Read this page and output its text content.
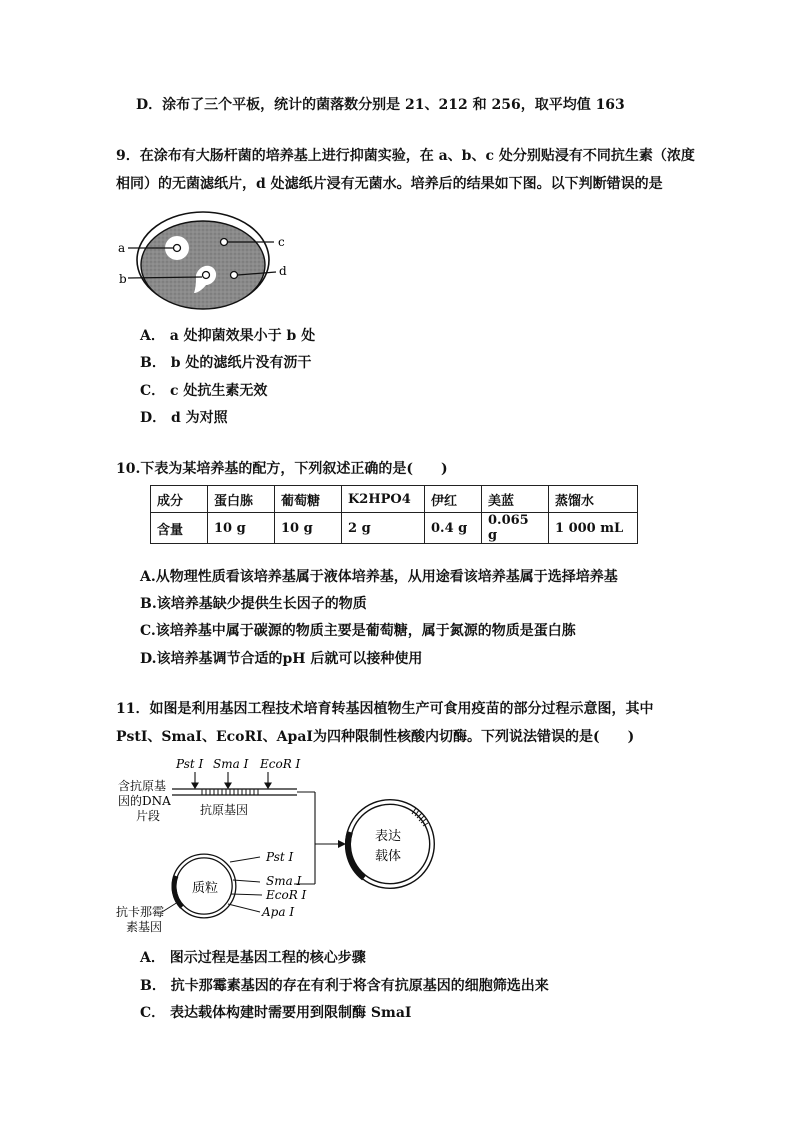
D．涂布了三个平板，统计的菌落数分别是 21、212 和 256，取平均值 163
9．在涂布有大肠杆菌的培养基上进行抑菌实验，在 a、b、c 处分别贴浸有不同抗生素（浓度
相同）的无菌滤纸片，d 处滤纸片浸有无菌水。培养后的结果如下图。以下判断错误的是
a
b
c
d
A． a 处抑菌效果小于 b 处
B． b 处的滤纸片没有沥干
C． c 处抗生素无效
D． d 为对照
10.下表为某培养基的配方，下列叙述正确的是(　　)
成分	蛋白胨	葡萄糖	K2HPO4	伊红	美蓝	蒸馏水
含量	10 g	10 g	2 g	0.4 g	0.065 g	1 000 mL
A.从物理性质看该培养基属于液体培养基，从用途看该培养基属于选择培养基
B.该培养基缺少提供生长因子的物质
C.该培养基中属于碳源的物质主要是葡萄糖，属于氮源的物质是蛋白胨
D.该培养基调节合适的pH 后就可以接种使用
11．如图是利用基因工程技术培育转基因植物生产可食用疫苗的部分过程示意图，其中
PstⅠ、SmaⅠ、EcoRⅠ、ApaⅠ为四种限制性核酸内切酶。下列说法错误的是(　　)
含抗原基
因的DNA
片段	抗原基因
Pst Ⅰ Sma Ⅰ EcoR Ⅰ
质粒
抗卡那霉
素基因
Pst Ⅰ
Sma Ⅰ
EcoR Ⅰ
Apa Ⅰ
表达
载体
A． 图示过程是基因工程的核心步骤
B． 抗卡那霉素基因的存在有利于将含有抗原基因的细胞筛选出来
C． 表达载体构建时需要用到限制酶 SmaⅠ
